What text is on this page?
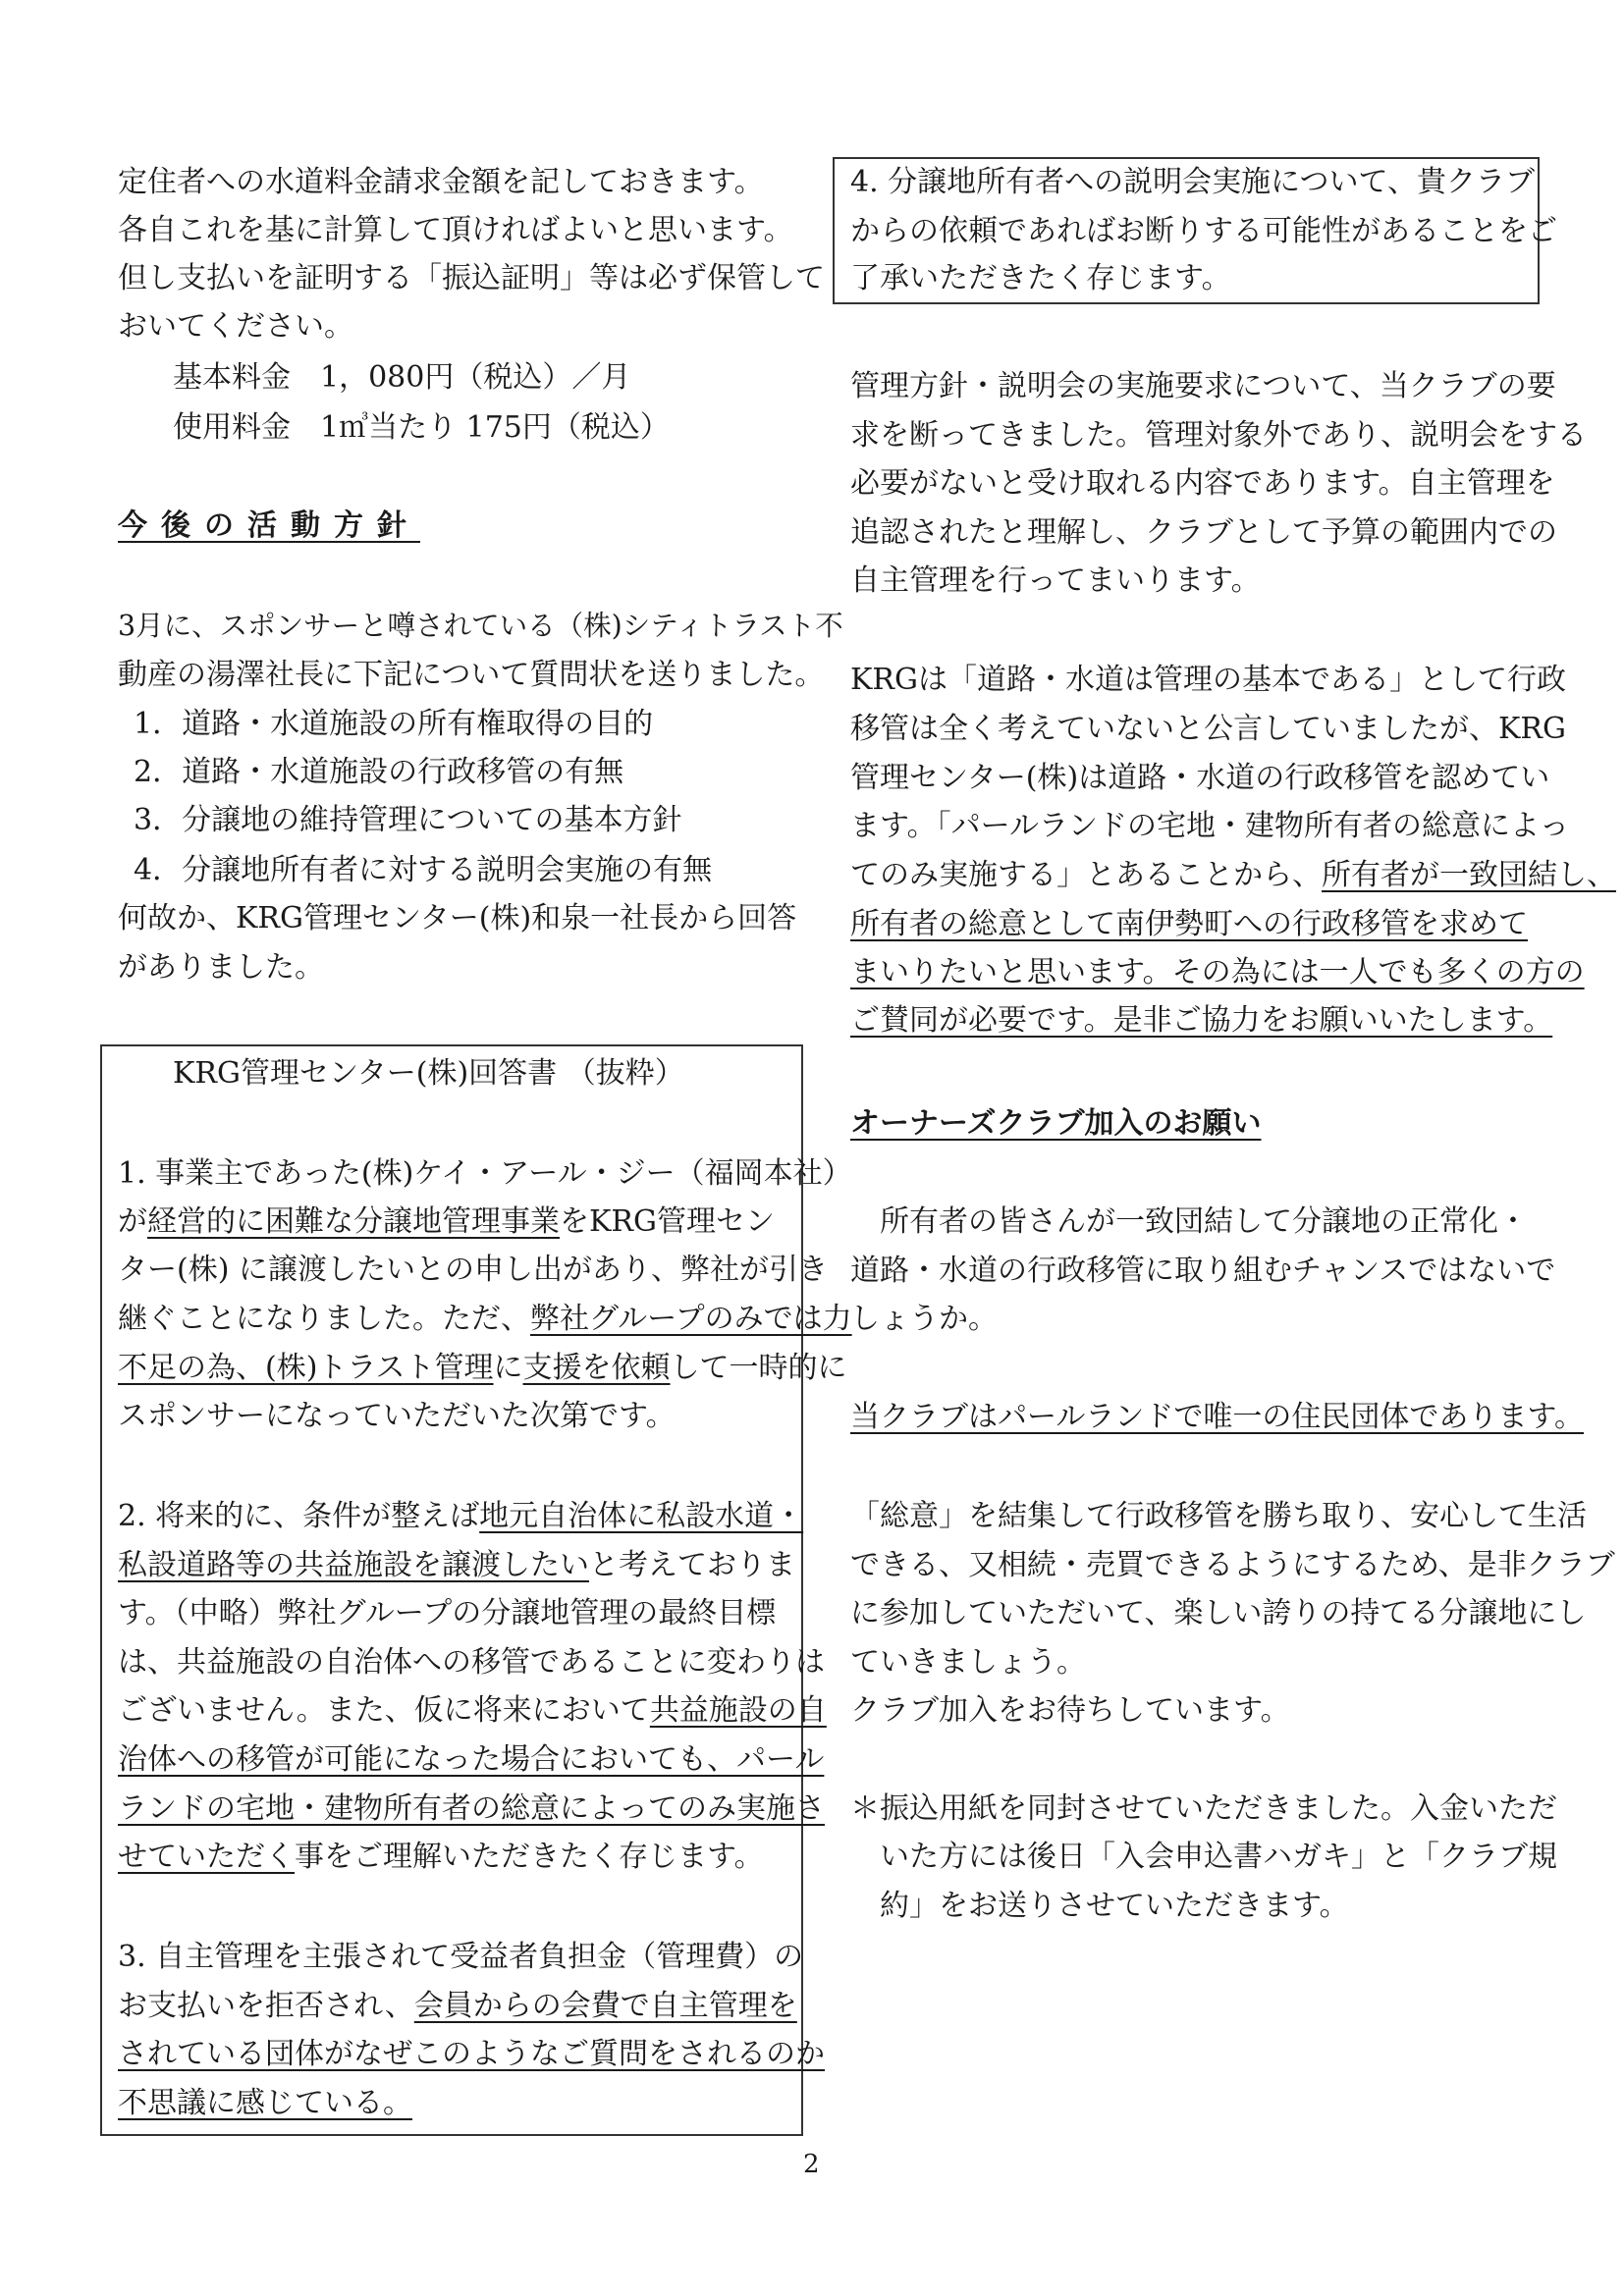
定住者への水道料金請求金額を記しておきます。
各自これを基に計算して頂ければよいと思います。
但し支払いを証明する「振込証明」等は必ず保管して
おいてください。
基本料金　1，080円（税込）／月
使用料金　1㎥当たり 175円（税込）
今後の活動方針
3月に、スポンサーと噂されている（株)シティトラスト不
動産の湯澤社長に下記について質問状を送りました。
1．道路・水道施設の所有権取得の目的
2．道路・水道施設の行政移管の有無
3．分譲地の維持管理についての基本方針
4．分譲地所有者に対する説明会実施の有無
何故か、KRG管理センター(株)和泉一社長から回答
がありました。
KRG管理センター(株)回答書 （抜粋）
1. 事業主であった(株)ケイ・アール・ジー（福岡本社）
が経営的に困難な分譲地管理事業をKRG管理セン
ター(株) に譲渡したいとの申し出があり、弊社が引き
継ぐことになりました。ただ、弊社グループのみでは力
不足の為、(株)トラスト管理に支援を依頼して一時的に
スポンサーになっていただいた次第です。
2. 将来的に、条件が整えば地元自治体に私設水道・
私設道路等の共益施設を譲渡したいと考えておりま
す。（中略）弊社グループの分譲地管理の最終目標
は、共益施設の自治体への移管であることに変わりは
ございません。また、仮に将来において共益施設の自
治体への移管が可能になった場合においても、パール
ランドの宅地・建物所有者の総意によってのみ実施さ
せていただく事をご理解いただきたく存じます。
3. 自主管理を主張されて受益者負担金（管理費）の
お支払いを拒否され、会員からの会費で自主管理を
されている団体がなぜこのようなご質問をされるのか
不思議に感じている。
4. 分譲地所有者への説明会実施について、貴クラブ
からの依頼であればお断りする可能性があることをご
了承いただきたく存じます。
管理方針・説明会の実施要求について、当クラブの要
求を断ってきました。管理対象外であり、説明会をする
必要がないと受け取れる内容であります。自主管理を
追認されたと理解し、クラブとして予算の範囲内での
自主管理を行ってまいります。
KRGは「道路・水道は管理の基本である」として行政
移管は全く考えていないと公言していましたが、KRG
管理センター(株)は道路・水道の行政移管を認めてい
ます。「パールランドの宅地・建物所有者の総意によっ
てのみ実施する」とあることから、所有者が一致団結し、
所有者の総意として南伊勢町への行政移管を求めて
まいりたいと思います。その為には一人でも多くの方の
ご賛同が必要です。是非ご協力をお願いいたします。
オーナーズクラブ加入のお願い
　所有者の皆さんが一致団結して分譲地の正常化・
道路・水道の行政移管に取り組むチャンスではないで
しょうか。
当クラブはパールランドで唯一の住民団体であります。
「総意」を結集して行政移管を勝ち取り、安心して生活
できる、又相続・売買できるようにするため、是非クラブ
に参加していただいて、楽しい誇りの持てる分譲地にし
ていきましょう。
クラブ加入をお待ちしています。
＊振込用紙を同封させていただきました。入金いただ
　いた方には後日「入会申込書ハガキ」と「クラブ規
　約」をお送りさせていただきます。
2
